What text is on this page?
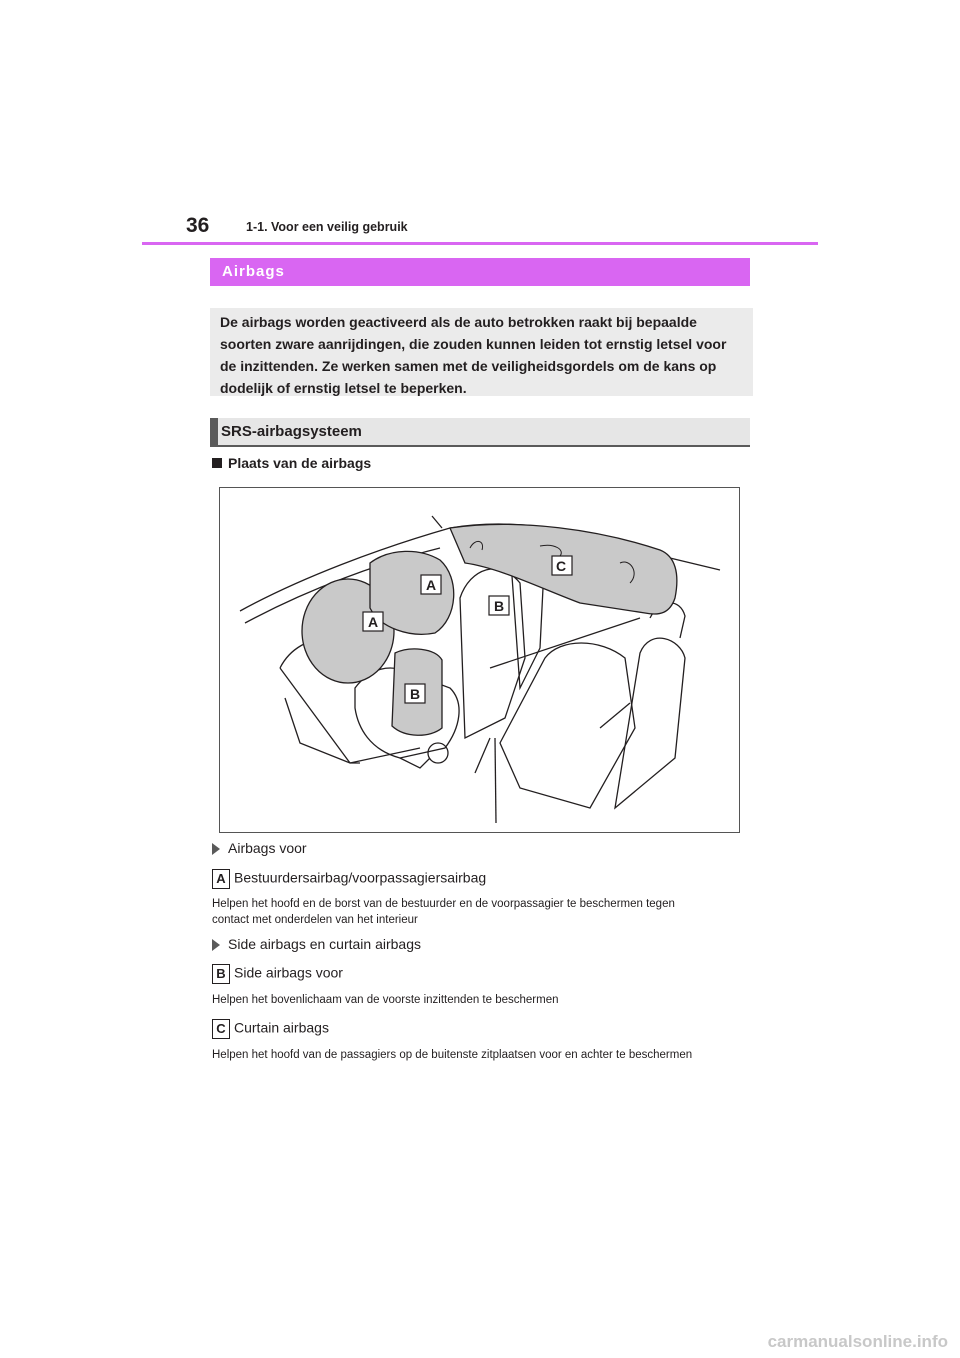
36	1-1. Voor een veilig gebruik
Airbags
De airbags worden geactiveerd als de auto betrokken raakt bij bepaalde
soorten zware aanrijdingen, die zouden kunnen leiden tot ernstig letsel voor
de inzittenden. Ze werken samen met de veiligheidsgordels om de kans op
dodelijk of ernstig letsel te beperken.
SRS-airbagsysteem
Plaats van de airbags
A
A
B
B
C
Airbags voor
A Bestuurdersairbag/voorpassagiersairbag
Helpen het hoofd en de borst van de bestuurder en de voorpassagier te beschermen tegen
contact met onderdelen van het interieur
Side airbags en curtain airbags
B Side airbags voor
Helpen het bovenlichaam van de voorste inzittenden te beschermen
C Curtain airbags
Helpen het hoofd van de passagiers op de buitenste zitplaatsen voor en achter te beschermen
carmanualsonline.info
